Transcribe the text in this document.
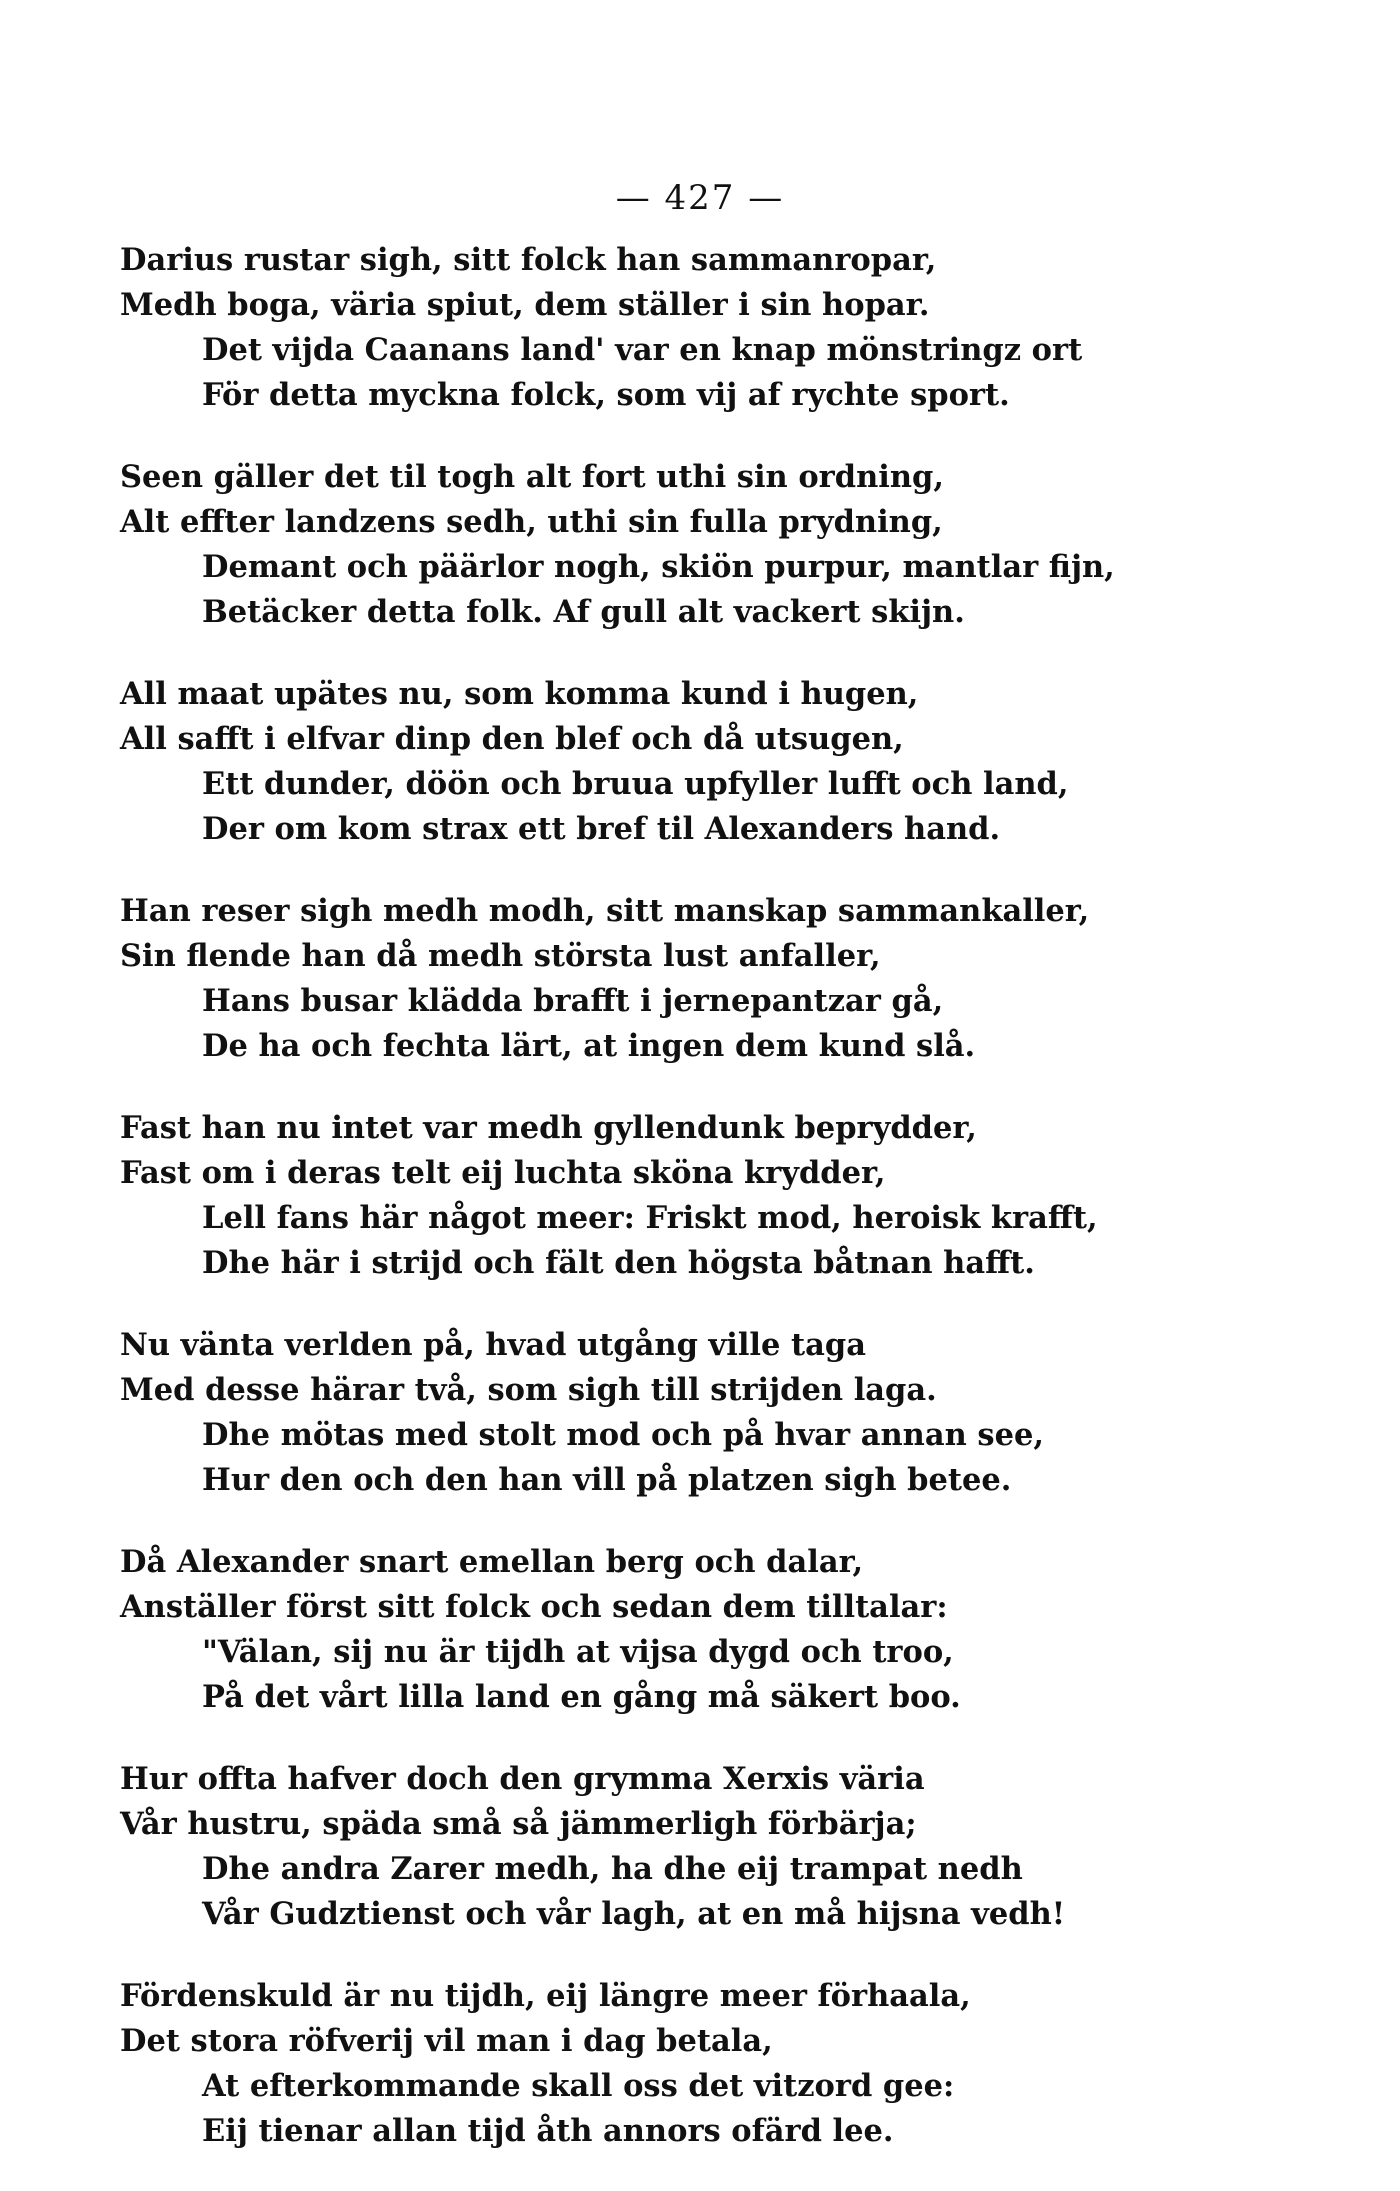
— 427 —
Darius rustar sigh, sitt folck han sammanropar,
Medh boga, väria spiut, dem ställer i sin hopar.
Det vijda Caanans land' var en knap mönstringz ort
För detta myckna folck, som vij af rychte sport.
Seen gäller det til togh alt fort uthi sin ordning,
Alt effter landzens sedh, uthi sin fulla prydning,
Demant och päärlor nogh, skiön purpur, mantlar fijn,
Betäcker detta folk. Af gull alt vackert skijn.
All maat upätes nu, som komma kund i hugen,
All safft i elfvar dinp den blef och då utsugen,
Ett dunder, döön och bruua upfyller lufft och land,
Der om kom strax ett bref til Alexanders hand.
Han reser sigh medh modh, sitt manskap sammankaller,
Sin flende han då medh största lust anfaller,
Hans busar klädda brafft i jernepantzar gå,
De ha och fechta lärt, at ingen dem kund slå.
Fast han nu intet var medh gyllendunk beprydder,
Fast om i deras telt eij luchta sköna krydder,
Lell fans här något meer: Friskt mod, heroisk krafft,
Dhe här i strijd och fält den högsta båtnan hafft.
Nu vänta verlden på, hvad utgång ville taga
Med desse härar två, som sigh till strijden laga.
Dhe mötas med stolt mod och på hvar annan see,
Hur den och den han vill på platzen sigh betee.
Då Alexander snart emellan berg och dalar,
Anställer först sitt folck och sedan dem tilltalar:
"Välan, sij nu är tijdh at vijsa dygd och troo,
På det vårt lilla land en gång må säkert boo.
Hur offta hafver doch den grymma Xerxis väria
Vår hustru, späda små så jämmerligh förbärja;
Dhe andra Zarer medh, ha dhe eij trampat nedh
Vår Gudztienst och vår lagh, at en må hijsna vedh!
Fördenskuld är nu tijdh, eij längre meer förhaala,
Det stora röfverij vil man i dag betala,
At efterkommande skall oss det vitzord gee:
Eij tienar allan tijd åth annors ofärd lee.
